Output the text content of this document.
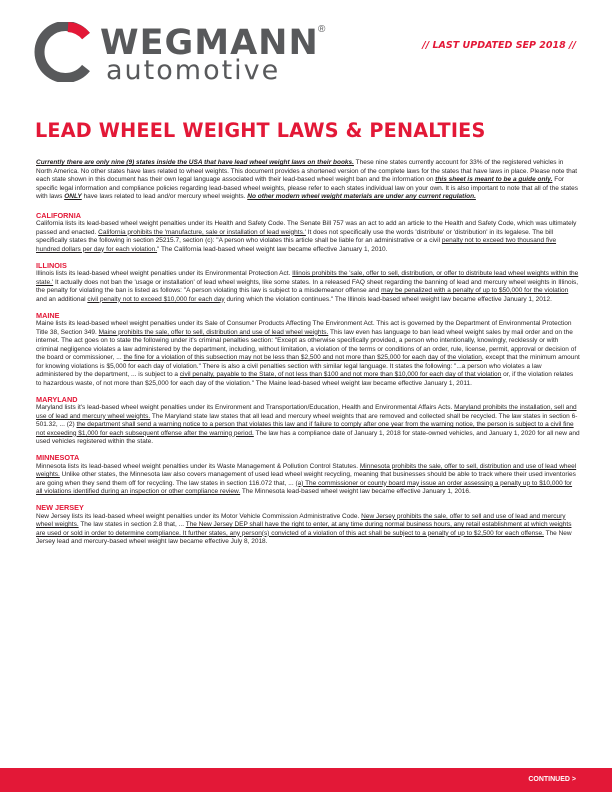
WEGMANN ®
automotive
// LAST UPDATED SEP 2018 //
LEAD WHEEL WEIGHT LAWS & PENALTIES

Currently there are only nine (9) states inside the USA that have lead wheel weight laws on their books. These nine states currently account for 33% of the registered vehicles in North America. No other states have laws related to wheel weights. This document provides a shortened version of the complete laws for the states that have laws in place. Please note that each state shown in this document has their own legal language associated with their lead-based wheel weight ban and the information on this sheet is meant to be a guide only. For specific legal information and compliance policies regarding lead-based wheel weights, please refer to each states individual law on your own. It is also important to note that all of the states with laws ONLY have laws related to lead and/or mercury wheel weights. No other modern wheel weight materials are under any current regulation.

CALIFORNIA

California lists its lead-based wheel weight penalties under its Health and Safety Code. The Senate Bill 757 was an act to add an article to the Health and Safety Code, which was ultimately passed and enacted. California prohibits the 'manufacture, sale or installation of lead weights.' It does not specifically use the words 'distribute' or 'distribution' in its legalese. The bill specifically states the following in section 25215.7, section (c): "A person who violates this article shall be liable for an administrative or a civil penalty not to exceed two thousand five hundred dollars per day for each violation." The California lead-based wheel weight law became effective January 1, 2010.

ILLINOIS

Illinois lists its lead-based wheel weight penalties under its Environmental Protection Act. Illinois prohibits the 'sale, offer to sell, distribution, or offer to distribute lead wheel weights within the state.' It actually does not ban the 'usage or installation' of lead wheel weights, like some states. In a released FAQ sheet regarding the banning of lead and mercury wheel weights in Illinois, the penalty for violating the ban is listed as follows: "A person violating this law is subject to a misdemeanor offense and may be penalized with a penalty of up to $50,000 for the violation and an additional civil penalty not to exceed $10,000 for each day during which the violation continues." The Illinois lead-based wheel weight law became effective January 1, 2012.

MAINE

Maine lists its lead-based wheel weight penalties under its Sale of Consumer Products Affecting The Environment Act. This act is governed by the Department of Environmental Protection Title 38, Section 349. Maine prohibits the sale, offer to sell, distribution and use of lead wheel weights. This law even has language to ban lead wheel weight sales by mail order and on the internet. The act goes on to state the following under it's criminal penalties section: "Except as otherwise specifically provided, a person who intentionally, knowingly, recklessly or with criminal negligence violates a law administered by the department, including, without limitation, a violation of the terms or conditions of an order, rule, license, permit, approval or decision of the board or commissioner, ... the fine for a violation of this subsection may not be less than $2,500 and not more than $25,000 for each day of the violation, except that the minimum amount for knowing violations is $5,000 for each day of violation." There is also a civil penalties section with similar legal language. It states the following: "...a person who violates a law administered by the department, ... is subject to a civil penalty, payable to the State, of not less than $100 and not more than $10,000 for each day of that violation or, if the violation relates to hazardous waste, of not more than $25,000 for each day of the violation." The Maine lead-based wheel weight law became effective January 1, 2011.

MARYLAND

Maryland lists it's lead-based wheel weight penalties under its Environment and Transportation/Education, Health and Environmental Affairs Acts. Maryland prohibits the installation, sell and use of lead and mercury wheel weights. The Maryland state law states that all lead and mercury wheel weights that are removed and collected shall be recycled. The law states in section 6-501.32, ... (2) the department shall send a warning notice to a person that violates this law and if failure to comply after one year from the warning notice, the person is subject to a civil fine not exceeding $1,000 for each subsequent offense after the warning period. The law has a compliance date of January 1, 2018 for state-owned vehicles, and January 1, 2020 for all new and used vehicles registered within the state.

MINNESOTA

Minnesota lists its lead-based wheel weight penalties under its Waste Management & Pollution Control Statutes. Minnesota prohibits the sale, offer to sell, distribution and use of lead wheel weights. Unlike other states, the Minnesota law also covers management of used lead wheel weight recycling, meaning that businesses should be able to track where their used inventories are going when they send them off for recycling. The law states in section 116.072 that, ... (a) The commissioner or county board may issue an order assessing a penalty up to $10,000 for all violations identified during an inspection or other compliance review. The Minnesota lead-based wheel weight law became effective January 1, 2016.

NEW JERSEY

New Jersey lists its lead-based wheel weight penalties under its Motor Vehicle Commission Administrative Code. New Jersey prohibits the sale, offer to sell and use of lead and mercury wheel weights. The law states in section 2.8 that, ... The New Jersey DEP shall have the right to enter, at any time during normal business hours, any retail establishment at which weights are used or sold in order to determine compliance. It further states, any person(s) convicted of a violation of this act shall be subject to a penalty of up to $2,500 for each offense. The New Jersey lead and mercury-based wheel weight law became effective July 8, 2018.

CONTINUED >
